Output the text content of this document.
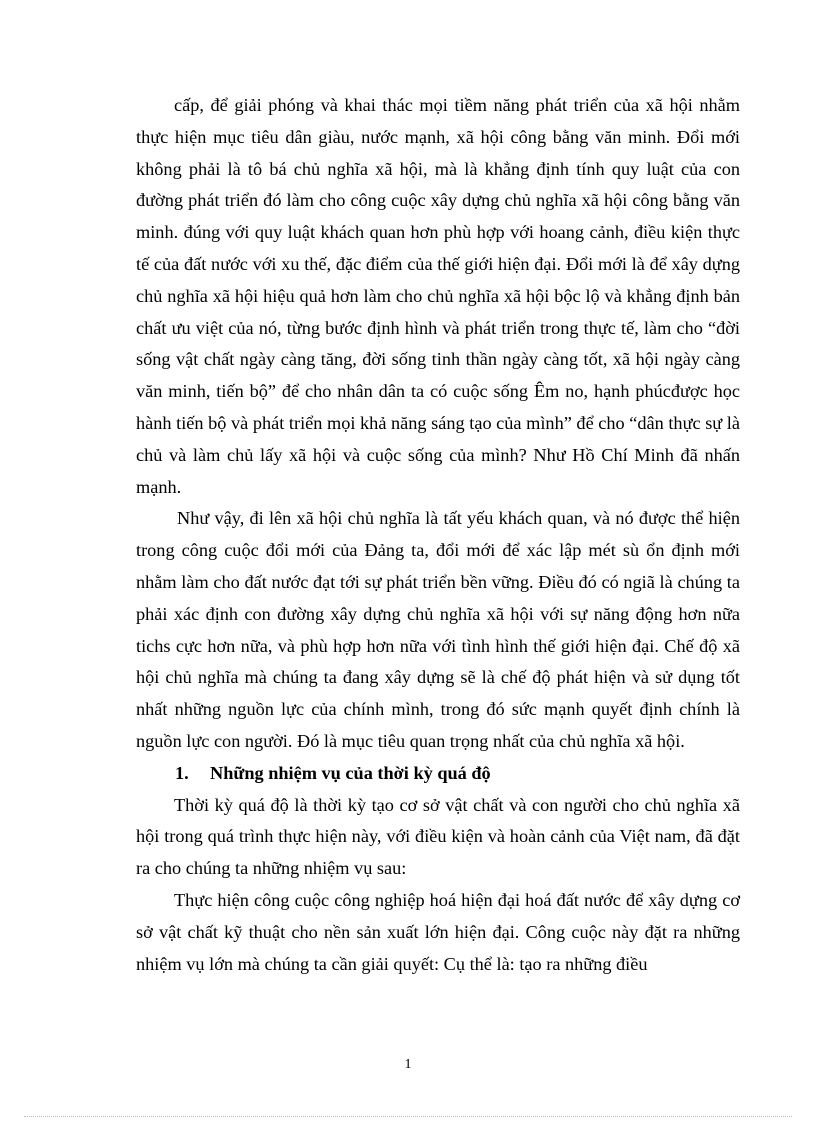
cấp, để giải phóng và khai thác mọi tiềm năng phát triển của xã hội nhằm thực hiện mục tiêu dân giàu, nước mạnh, xã hội công bằng văn minh. Đổi mới không phải là tô bá chủ nghĩa xã hội, mà là khẳng định tính quy luật của con đường phát triển đó làm cho công cuộc xây dựng chủ nghĩa xã hội công bằng văn minh. đúng với quy luật khách quan hơn phù hợp với hoang cảnh, điều kiện thực tế của đất nước với xu thế, đặc điểm của thế giới hiện đại. Đổi mới là để xây dựng chủ nghĩa xã hội hiệu quả hơn làm cho chủ nghĩa xã hội bộc lộ và khẳng định bản chất ưu việt của nó, từng bước định hình và phát triển trong thực tế, làm cho “đời sống vật chất ngày càng tăng, đời sống tinh thần ngày càng tốt, xã hội ngày càng văn minh, tiến bộ” để cho nhân dân ta có cuộc sống Êm no, hạnh phúcđược học hành tiến bộ và phát triển mọi khả năng sáng tạo của mình” để cho “dân thực sự là chủ và làm chủ lấy xã hội và cuộc sống của mình? Như Hồ Chí Minh đã nhấn mạnh.

Như vậy, đi lên xã hội chủ nghĩa là tất yếu khách quan, và nó được thể hiện trong công cuộc đổi mới của Đảng ta, đổi mới để xác lập mét sù ổn định mới nhằm làm cho đất nước đạt tới sự phát triển bền vững. Điều đó có ngiã là chúng ta phải xác định con đường xây dựng chủ nghĩa xã hội với sự năng động hơn nữa tichs cực hơn nữa, và phù hợp hơn nữa với tình hình thế giới hiện đại. Chế độ xã hội chủ nghĩa mà chúng ta đang xây dựng sẽ là chế độ phát hiện và sử dụng tốt nhất những nguồn lực của chính mình, trong đó sức mạnh quyết định chính là nguồn lực con người. Đó là mục tiêu quan trọng nhất của chủ nghĩa xã hội.

1.	Những nhiệm vụ của thời kỳ quá độ

Thời kỳ quá độ là thời kỳ tạo cơ sở vật chất và con người cho chủ nghĩa xã hội trong quá trình thực hiện này, với điều kiện và hoàn cảnh của Việt nam, đã đặt ra cho chúng ta những nhiệm vụ sau:

Thực hiện công cuộc công nghiệp hoá hiện đại hoá đất nước để xây dựng cơ sở vật chất kỹ thuật cho nền sản xuất lớn hiện đại. Công cuộc này đặt ra những nhiệm vụ lớn mà chúng ta cần giải quyết: Cụ thể là: tạo ra những điều

1
